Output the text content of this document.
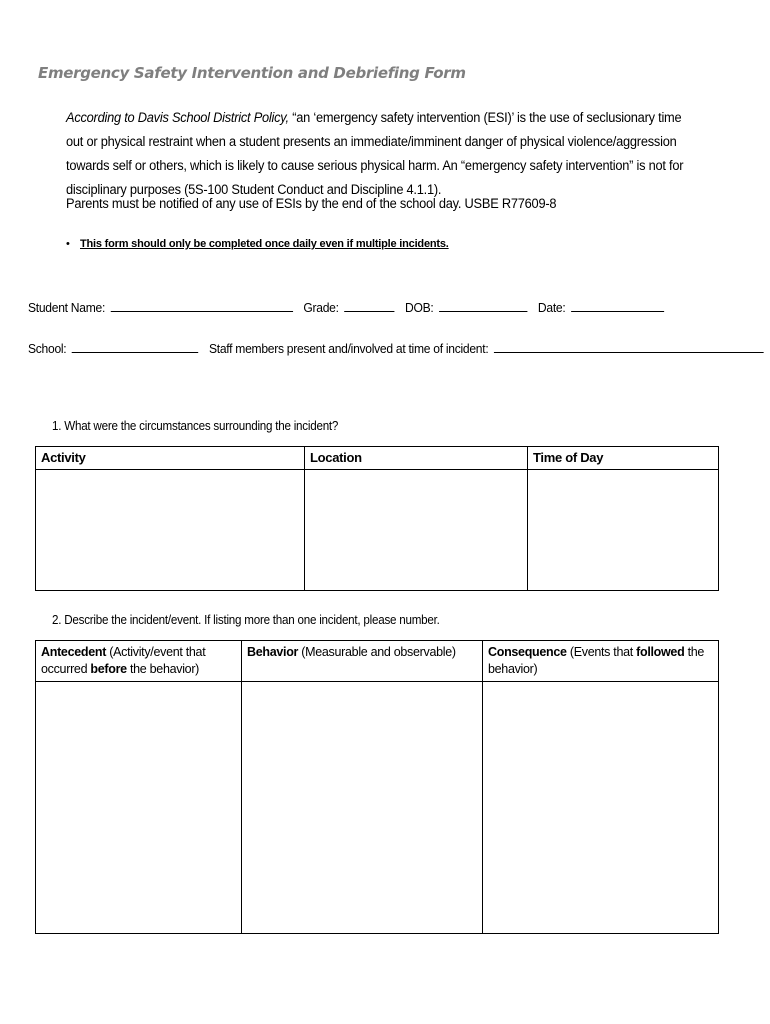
Emergency Safety Intervention and Debriefing Form
According to Davis School District Policy, “an ‘emergency safety intervention (ESI)’ is the use of seclusionary time out or physical restraint when a student presents an immediate/imminent danger of physical violence/aggression towards self or others, which is likely to cause serious physical harm. An “emergency safety intervention” is not for disciplinary purposes (5S-100 Student Conduct and Discipline 4.1.1).
Parents must be notified of any use of ESIs by the end of the school day. USBE R77609-8
• This form should only be completed once daily even if multiple incidents.
Student Name:	Grade:	DOB:	Date:
School:	Staff members present and/involved at time of incident:
1. What were the circumstances surrounding the incident?
Activity	Location	Time of Day

2. Describe the incident/event. If listing more than one incident, please number.
Antecedent (Activity/event that occurred before the behavior)	Behavior (Measurable and observable)	Consequence (Events that followed the behavior)
